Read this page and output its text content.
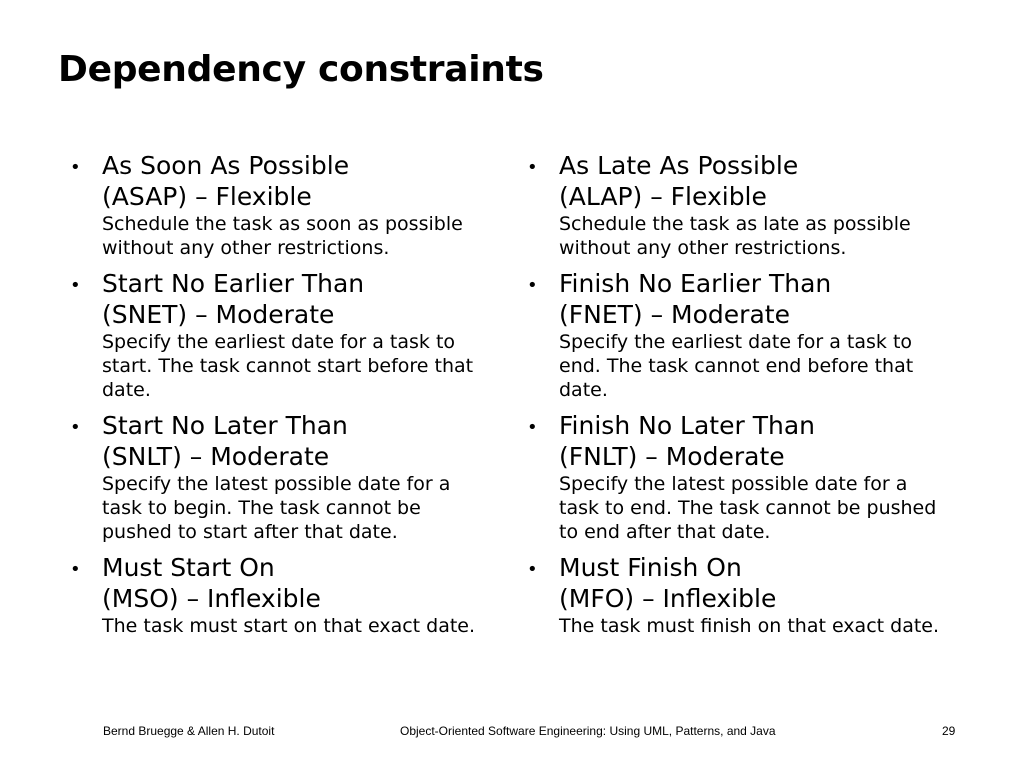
Dependency constraints
• As Soon As Possible
(ASAP) – Flexible
Schedule the task as soon as possible without any other restrictions.
• Start No Earlier Than
(SNET) – Moderate
Specify the earliest date for a task to start. The task cannot start before that date.
• Start No Later Than
(SNLT) – Moderate
Specify the latest possible date for a task to begin. The task cannot be pushed to start after that date.
• Must Start On
(MSO) – Inflexible
The task must start on that exact date.
• As Late As Possible
(ALAP) – Flexible
Schedule the task as late as possible without any other restrictions.
• Finish No Earlier Than
(FNET) – Moderate
Specify the earliest date for a task to end. The task cannot end before that date.
• Finish No Later Than
(FNLT) – Moderate
Specify the latest possible date for a task to end. The task cannot be pushed to end after that date.
• Must Finish On
(MFO) – Inflexible
The task must finish on that exact date.
Bernd Bruegge & Allen H. Dutoit	Object-Oriented Software Engineering: Using UML, Patterns, and Java	29
